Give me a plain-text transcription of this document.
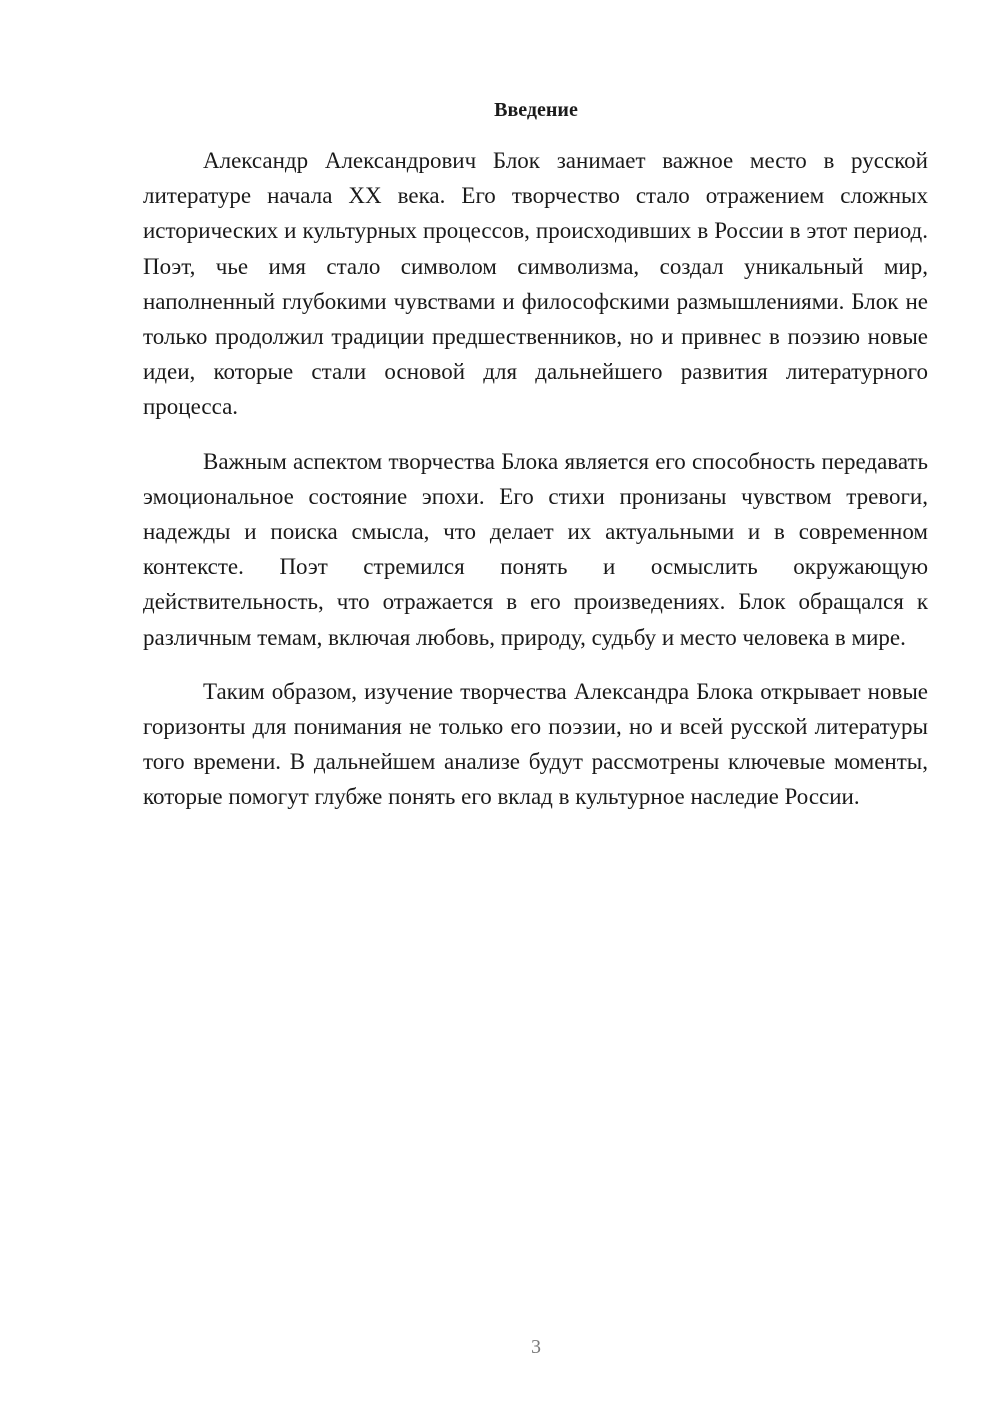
Введение

Александр Александрович Блок занимает важное место в русской литературе начала XX века. Его творчество стало отражением сложных исторических и культурных процессов, происходивших в России в этот период. Поэт, чье имя стало символом символизма, создал уникальный мир, наполненный глубокими чувствами и философскими размышлениями. Блок не только продолжил традиции предшественников, но и привнес в поэзию новые идеи, которые стали основой для дальнейшего развития литературного процесса.

Важным аспектом творчества Блока является его способность передавать эмоциональное состояние эпохи. Его стихи пронизаны чувством тревоги, надежды и поиска смысла, что делает их актуальными и в современном контексте. Поэт стремился понять и осмыслить окружающую действительность, что отражается в его произведениях. Блок обращался к различным темам, включая любовь, природу, судьбу и место человека в мире.

Таким образом, изучение творчества Александра Блока открывает новые горизонты для понимания не только его поэзии, но и всей русской литературы того времени. В дальнейшем анализе будут рассмотрены ключевые моменты, которые помогут глубже понять его вклад в культурное наследие России.

3
